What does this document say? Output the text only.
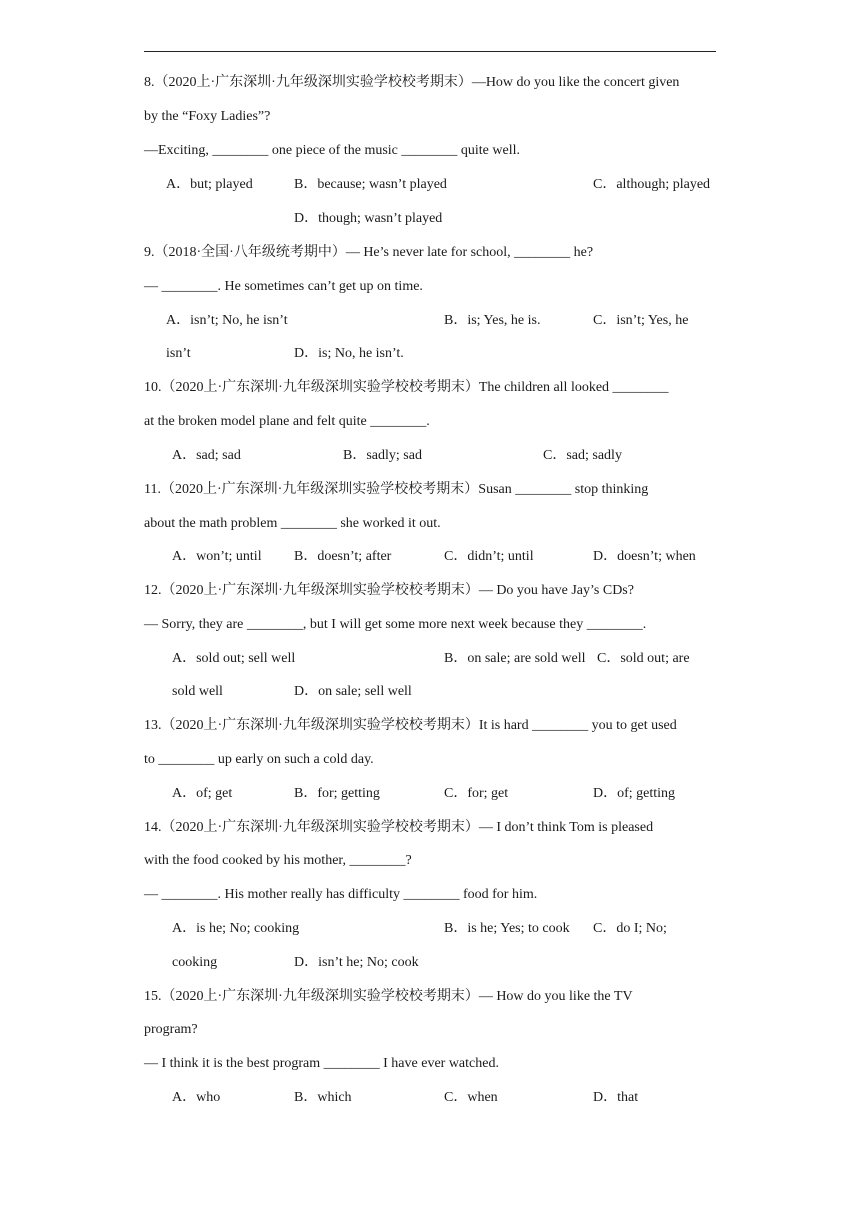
8.（2020上·广东深圳·九年级深圳实验学校校考期末）—How do you like the concert given
by the “Foxy Ladies”?
—Exciting, ________ one piece of the music ________ quite well.
A．but; played	B．because; wasn’t played	C．although; played
D．though; wasn’t played
9.（2018·全国·八年级统考期中）— He’s never late for school, ________ he?
— ________. He sometimes can’t get up on time.
A．isn’t; No, he isn’t	B．is; Yes, he is.	C．isn’t; Yes, he
isn’t	D．is; No, he isn’t.
10.（2020上·广东深圳·九年级深圳实验学校校考期末）The children all looked ________
at the broken model plane and felt quite ________.
A．sad; sad	B．sadly; sad	C．sad; sadly
11.（2020上·广东深圳·九年级深圳实验学校校考期末）Susan ________ stop thinking
about the math problem ________ she worked it out.
A．won’t; until B．doesn’t; after	C．didn’t; until	D．doesn’t; when
12.（2020上·广东深圳·九年级深圳实验学校校考期末）— Do you have Jay’s CDs?
— Sorry, they are ________, but I will get some more next week because they ________.
A．sold out; sell well	B．on sale; are sold well C．sold out; are
sold well	D．on sale; sell well
13.（2020上·广东深圳·九年级深圳实验学校校考期末）It is hard ________ you to get used
to ________ up early on such a cold day.
A．of; get	B．for; getting	C．for; get	D．of; getting
14.（2020上·广东深圳·九年级深圳实验学校校考期末）— I don’t think Tom is pleased
with the food cooked by his mother, ________?
— ________. His mother really has difficulty ________ food for him.
A．is he; No; cooking	B．is he; Yes; to cook C．do I; No;
cooking	D．isn’t he; No; cook
15.（2020上·广东深圳·九年级深圳实验学校校考期末）— How do you like the TV
program?
— I think it is the best program ________ I have ever watched.
A．who	B．which	C．when	D．that
